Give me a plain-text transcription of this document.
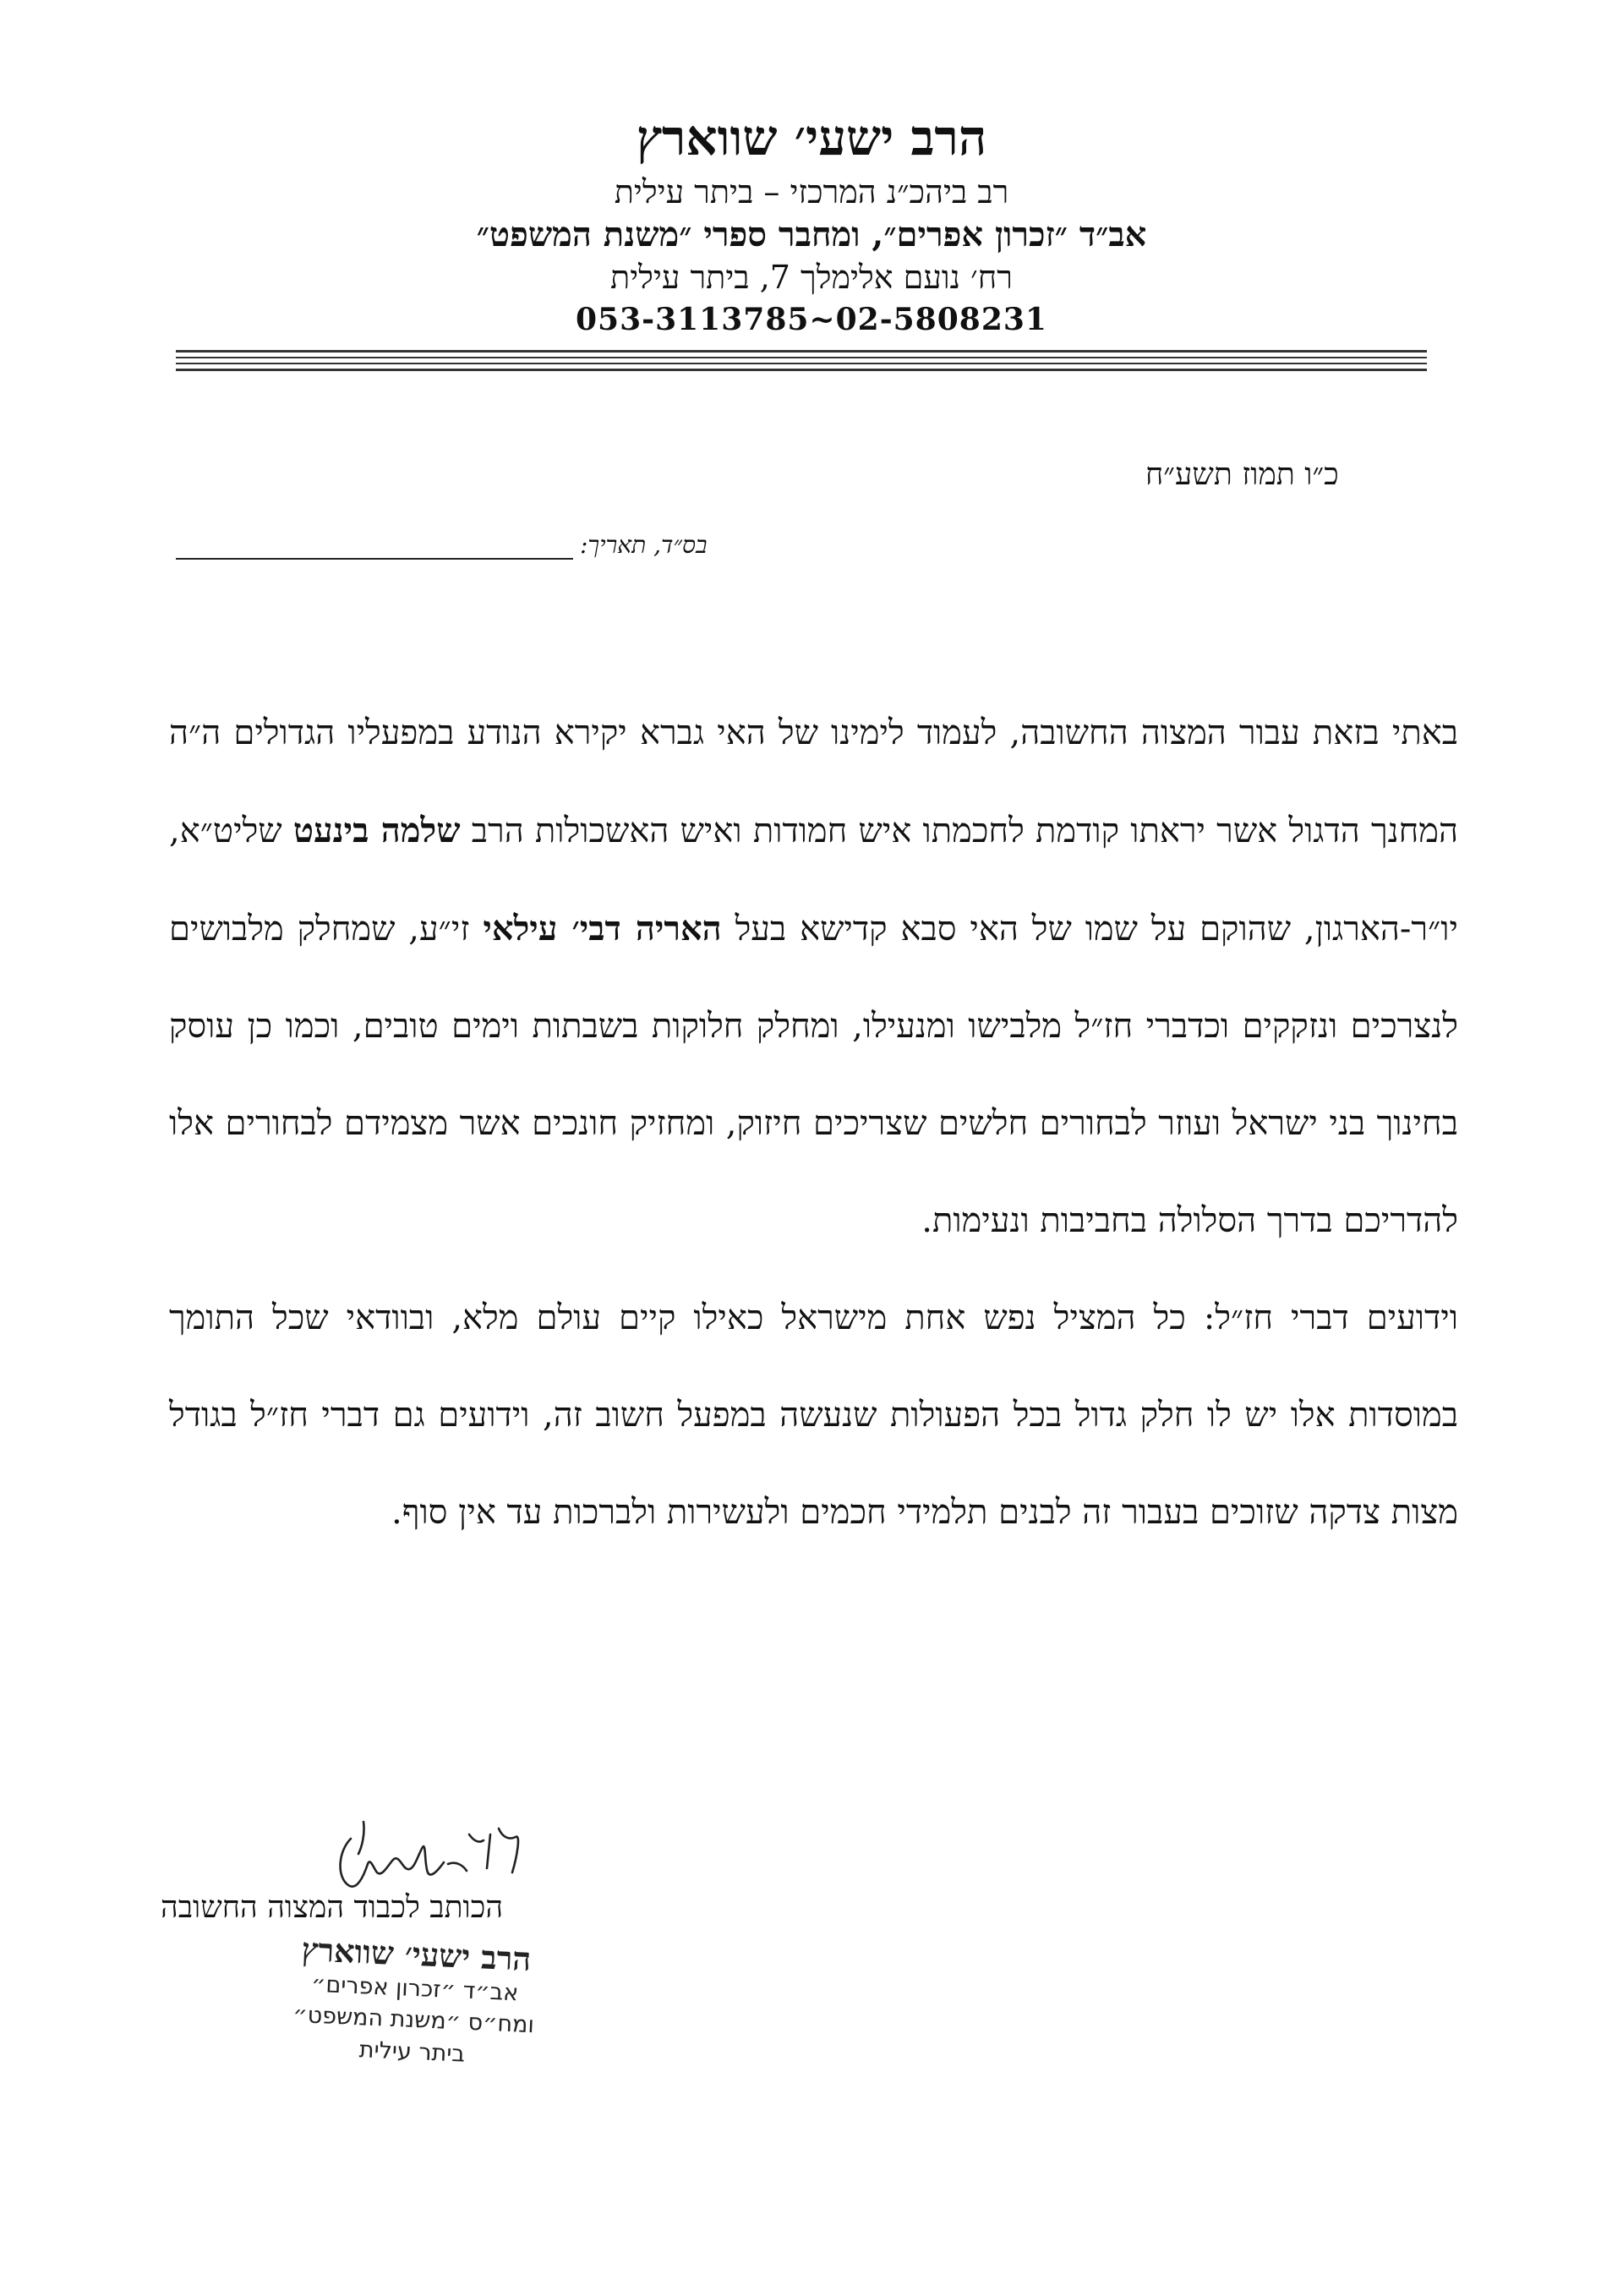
הרב ישעי׳ שווארץ
רב ביהכ״נ המרכזי – ביתר עילית
אב״ד ״זכרון אפרים״, ומחבר ספרי ״משנת המשפט״
רח׳ נועם אלימלך 7, ביתר עילית
053-3113785~02-5808231
כ״ו תמוז תשע״ח
בס״ד, תאריך:

באתי בזאת עבור המצוה החשובה, לעמוד לימינו של האי גברא יקירא הנודע במפעליו הגדולים ה״ה המחנך הדגול אשר יראתו קודמת לחכמתו איש חמודות ואיש האשכולות הרב שלמה בינעט שליט״א, יו״ר-הארגון, שהוקם על שמו של האי סבא קדישא בעל האריה דבי׳ עילאי זי״ע, שמחלק מלבושים לנצרכים ונזקקים וכדברי חז״ל מלבישו ומנעילו, ומחלק חלוקות בשבתות וימים טובים, וכמו כן עוסק בחינוך בני ישראל ועוזר לבחורים חלשים שצריכים חיזוק, ומחזיק חונכים אשר מצמידם לבחורים אלו להדריכם בדרך הסלולה בחביבות ונעימות.

וידועים דברי חז״ל: כל המציל נפש אחת מישראל כאילו קיים עולם מלא, ובוודאי שכל התומך במוסדות אלו יש לו חלק גדול בכל הפעולות שנעשה במפעל חשוב זה, וידועים גם דברי חז״ל בגודל מצות צדקה שזוכים בעבור זה לבנים תלמידי חכמים ולעשירות ולברכות עד אין סוף.

הכותב לכבוד המצוה החשובה
הרב ישעי׳ שווארץ
אב״ד ״זכרון אפרים״
ומח״ס ״משנת המשפט״
ביתר עילית
